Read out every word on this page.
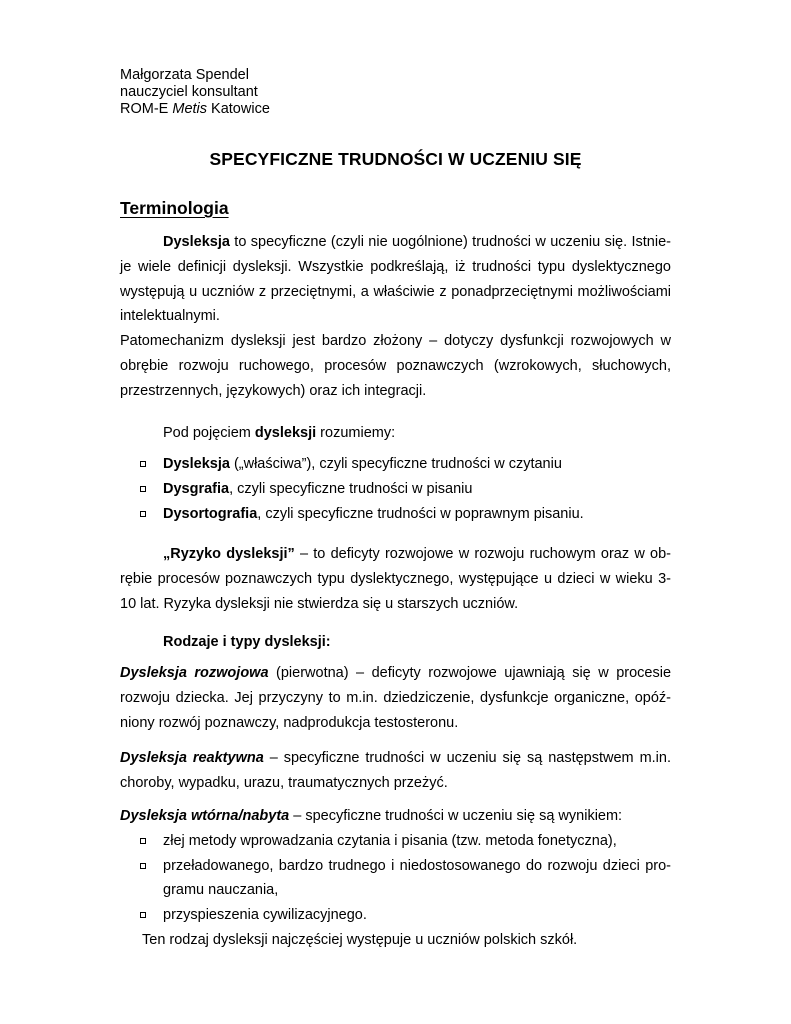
Małgorzata Spendel
nauczyciel konsultant
ROM-E Metis Katowice
SPECYFICZNE TRUDNOŚCI W UCZENIU SIĘ
Terminologia
Dysleksja to specyficzne (czyli nie uogólnione) trudności w uczeniu się. Istnie-
je wiele definicji dysleksji. Wszystkie podkreślają, iż trudności typu dyslektycznego
występują u uczniów z przeciętnymi, a właściwie z ponadprzeciętnymi możliwościami
intelektualnymi.
Patomechanizm dysleksji jest bardzo złożony – dotyczy dysfunkcji rozwojowych w
obrębie rozwoju ruchowego, procesów poznawczych (wzrokowych, słuchowych,
przestrzennych, językowych) oraz ich integracji.
Pod pojęciem dysleksji rozumiemy:
Dysleksja („właściwa”), czyli specyficzne trudności w czytaniu
Dysgrafia, czyli specyficzne trudności w pisaniu
Dysortografia, czyli specyficzne trudności w poprawnym pisaniu.
„Ryzyko dysleksji” – to deficyty rozwojowe w rozwoju ruchowym oraz w ob-
rębie procesów poznawczych typu dyslektycznego, występujące u dzieci w wieku 3-
10 lat. Ryzyka dysleksji nie stwierdza się u starszych uczniów.
Rodzaje i typy dysleksji:
Dysleksja rozwojowa (pierwotna) – deficyty rozwojowe ujawniają się w procesie
rozwoju dziecka. Jej przyczyny to m.in. dziedziczenie, dysfunkcje organiczne, opóź-
niony rozwój poznawczy, nadprodukcja testosteronu.
Dysleksja reaktywna – specyficzne trudności w uczeniu się są następstwem m.in.
choroby, wypadku, urazu, traumatycznych przeżyć.
Dysleksja wtórna/nabyta – specyficzne trudności w uczeniu się są wynikiem:
złej metody wprowadzania czytania i pisania (tzw. metoda fonetyczna),
przeładowanego, bardzo trudnego i niedostosowanego do rozwoju dzieci pro-
gramu nauczania,
przyspieszenia cywilizacyjnego.
Ten rodzaj dysleksji najczęściej występuje u uczniów polskich szkół.
